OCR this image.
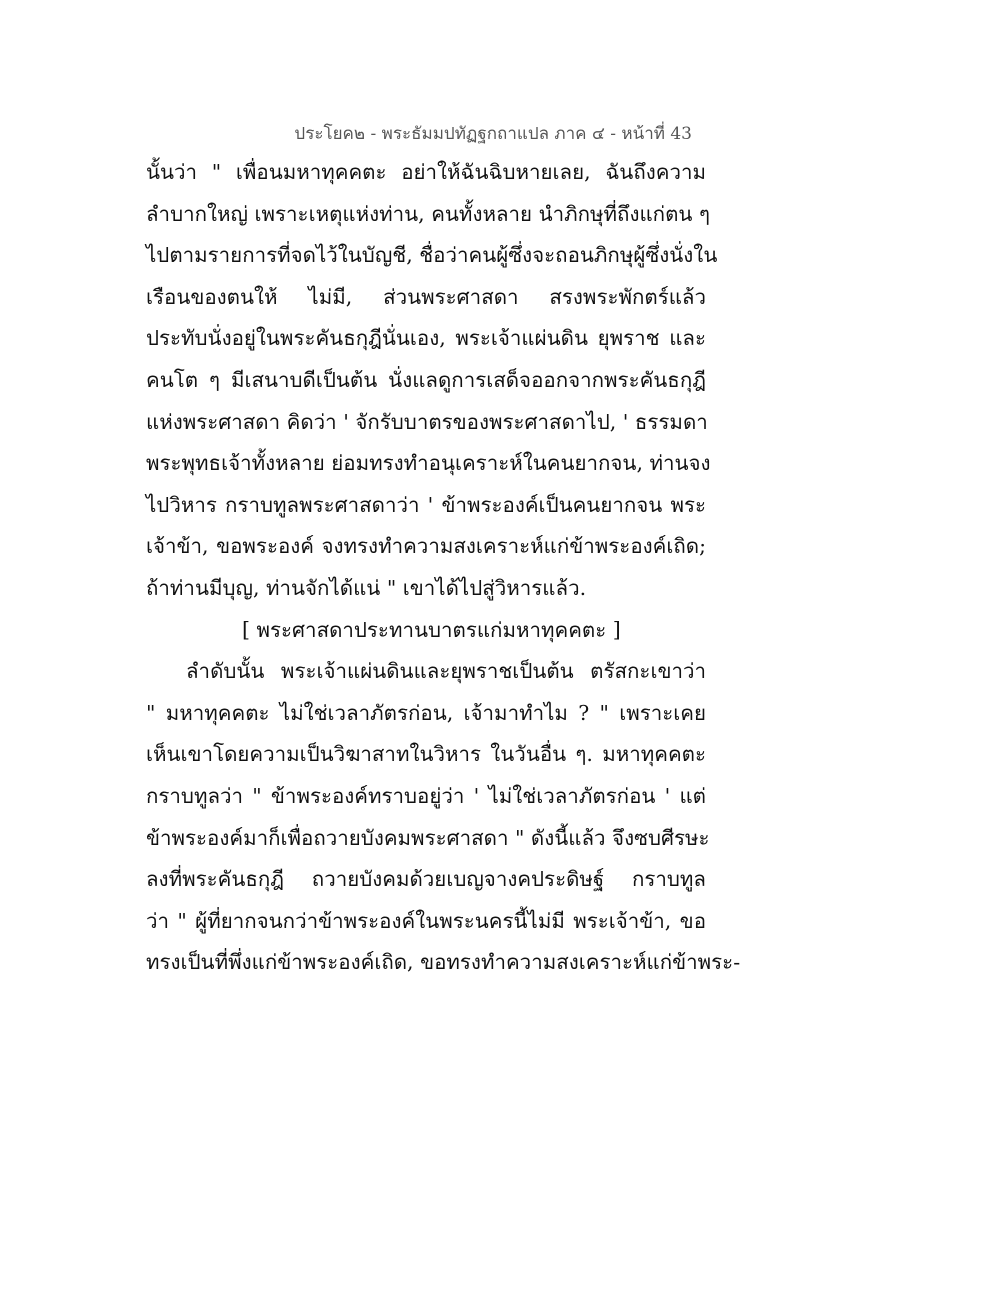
ประโยค๒ - พระธัมมปทัฏฐกถาแปล ภาค ๔ - หน้าที่ 43
นั้นว่า " เพื่อนมหาทุคคตะ อย่าให้ฉันฉิบหายเลย, ฉันถึงความ
ลำบากใหญ่ เพราะเหตุแห่งท่าน, คนทั้งหลาย นำภิกษุที่ถึงแก่ตน ๆ
ไปตามรายการที่จดไว้ในบัญชี, ชื่อว่าคนผู้ซึ่งจะถอนภิกษุผู้ซึ่งนั่งใน
เรือนของตนให้ ไม่มี, ส่วนพระศาสดา สรงพระพักตร์แล้ว
ประทับนั่งอยู่ในพระคันธกุฎีนั่นเอง, พระเจ้าแผ่นดิน ยุพราช และ
คนโต ๆ มีเสนาบดีเป็นต้น นั่งแลดูการเสด็จออกจากพระคันธกุฎี
แห่งพระศาสดา คิดว่า ' จักรับบาตรของพระศาสดาไป, ' ธรรมดา
พระพุทธเจ้าทั้งหลาย ย่อมทรงทำอนุเคราะห์ในคนยากจน, ท่านจง
ไปวิหาร กราบทูลพระศาสดาว่า ' ข้าพระองค์เป็นคนยากจน พระ
เจ้าข้า, ขอพระองค์ จงทรงทำความสงเคราะห์แก่ข้าพระองค์เถิด;
ถ้าท่านมีบุญ, ท่านจักได้แน่ " เขาได้ไปสู่วิหารแล้ว.
[ พระศาสดาประทานบาตรแก่มหาทุคคตะ ]
ลำดับนั้น พระเจ้าแผ่นดินและยุพราชเป็นต้น ตรัสกะเขาว่า
" มหาทุคคตะ ไม่ใช่เวลาภัตรก่อน, เจ้ามาทำไม ? " เพราะเคย
เห็นเขาโดยความเป็นวิฆาสาทในวิหาร ในวันอื่น ๆ. มหาทุคคตะ
กราบทูลว่า " ข้าพระองค์ทราบอยู่ว่า ' ไม่ใช่เวลาภัตรก่อน ' แต่
ข้าพระองค์มาก็เพื่อถวายบังคมพระศาสดา " ดังนี้แล้ว จึงซบศีรษะ
ลงที่พระคันธกุฎี ถวายบังคมด้วยเบญจางคประดิษฐ์ กราบทูล
ว่า " ผู้ที่ยากจนกว่าข้าพระองค์ในพระนครนี้ไม่มี พระเจ้าข้า, ขอ
ทรงเป็นที่พึ่งแก่ข้าพระองค์เถิด, ขอทรงทำความสงเคราะห์แก่ข้าพระ-
